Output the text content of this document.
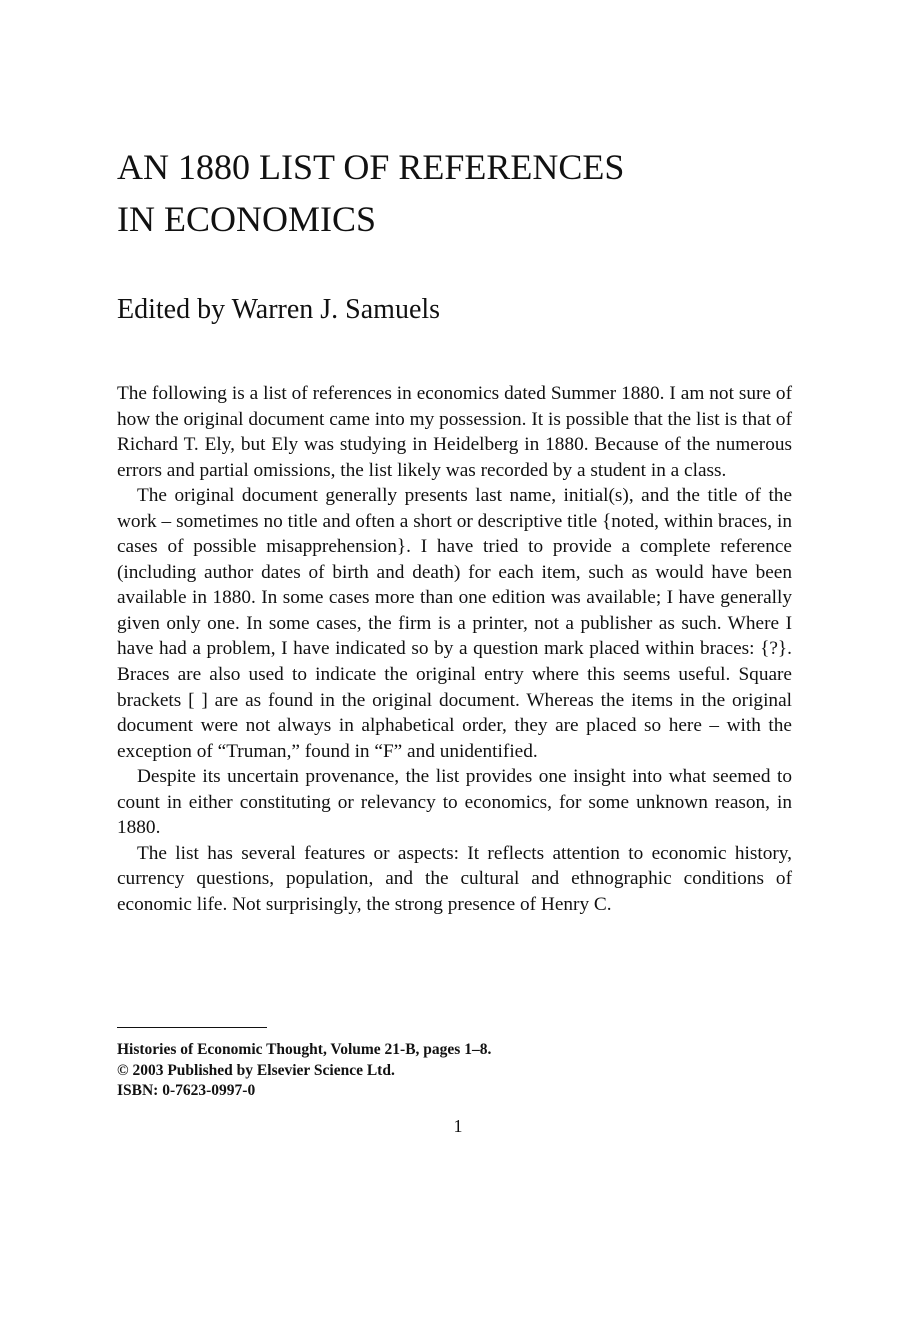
AN 1880 LIST OF REFERENCES
IN ECONOMICS

Edited by Warren J. Samuels

The following is a list of references in economics dated Summer 1880. I am not sure of how the original document came into my possession. It is possible that the list is that of Richard T. Ely, but Ely was studying in Heidelberg in 1880. Because of the numerous errors and partial omissions, the list likely was recorded by a student in a class.

The original document generally presents last name, initial(s), and the title of the work – sometimes no title and often a short or descriptive title {noted, within braces, in cases of possible misapprehension}. I have tried to provide a complete reference (including author dates of birth and death) for each item, such as would have been available in 1880. In some cases more than one edition was available; I have generally given only one. In some cases, the firm is a printer, not a publisher as such. Where I have had a problem, I have indicated so by a question mark placed within braces: {?}. Braces are also used to indicate the original entry where this seems useful. Square brackets [ ] are as found in the original document. Whereas the items in the original document were not always in alphabetical order, they are placed so here – with the exception of “Truman,” found in “F” and unidentified.

Despite its uncertain provenance, the list provides one insight into what seemed to count in either constituting or relevancy to economics, for some unknown reason, in 1880.

The list has several features or aspects: It reflects attention to economic history, currency questions, population, and the cultural and ethnographic conditions of economic life. Not surprisingly, the strong presence of Henry C.

Histories of Economic Thought, Volume 21-B, pages 1–8.
© 2003 Published by Elsevier Science Ltd.
ISBN: 0-7623-0997-0
1
